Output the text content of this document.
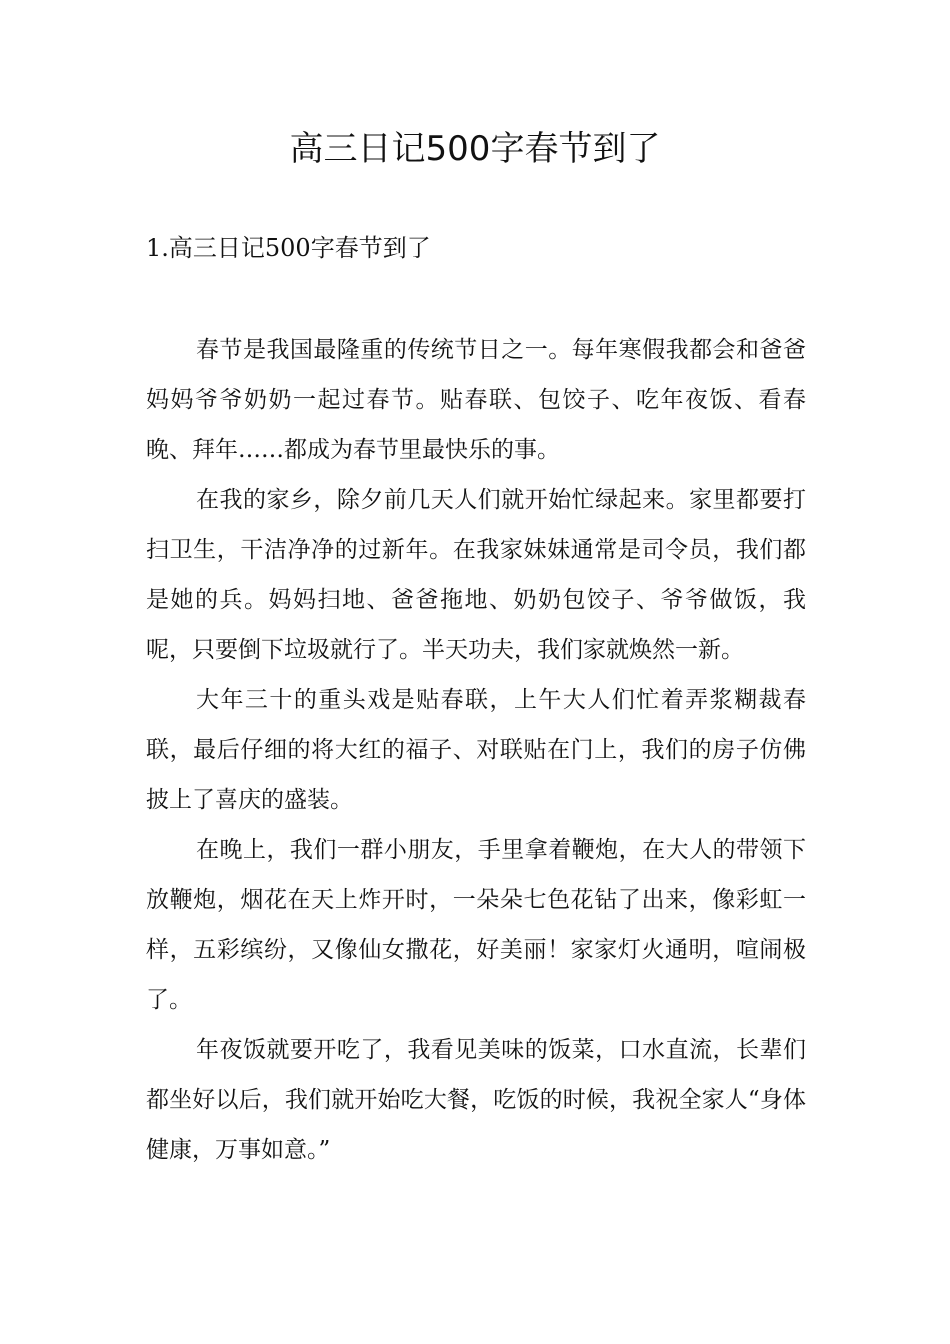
高三日记500字春节到了
1.高三日记500字春节到了

春节是我国最隆重的传统节日之一。每年寒假我都会和爸爸妈妈爷爷奶奶一起过春节。贴春联、包饺子、吃年夜饭、看春晚、拜年……都成为春节里最快乐的事。

在我的家乡，除夕前几天人们就开始忙绿起来。家里都要打扫卫生，干洁净净的过新年。在我家妹妹通常是司令员，我们都是她的兵。妈妈扫地、爸爸拖地、奶奶包饺子、爷爷做饭，我呢，只要倒下垃圾就行了。半天功夫，我们家就焕然一新。

大年三十的重头戏是贴春联，上午大人们忙着弄浆糊裁春联，最后仔细的将大红的福子、对联贴在门上，我们的房子仿佛披上了喜庆的盛装。

在晚上，我们一群小朋友，手里拿着鞭炮，在大人的带领下放鞭炮，烟花在天上炸开时，一朵朵七色花钻了出来，像彩虹一样，五彩缤纷，又像仙女撒花，好美丽！家家灯火通明，喧闹极了。

年夜饭就要开吃了，我看见美味的饭菜，口水直流，长辈们都坐好以后，我们就开始吃大餐，吃饭的时候，我祝全家人“身体健康，万事如意。”
